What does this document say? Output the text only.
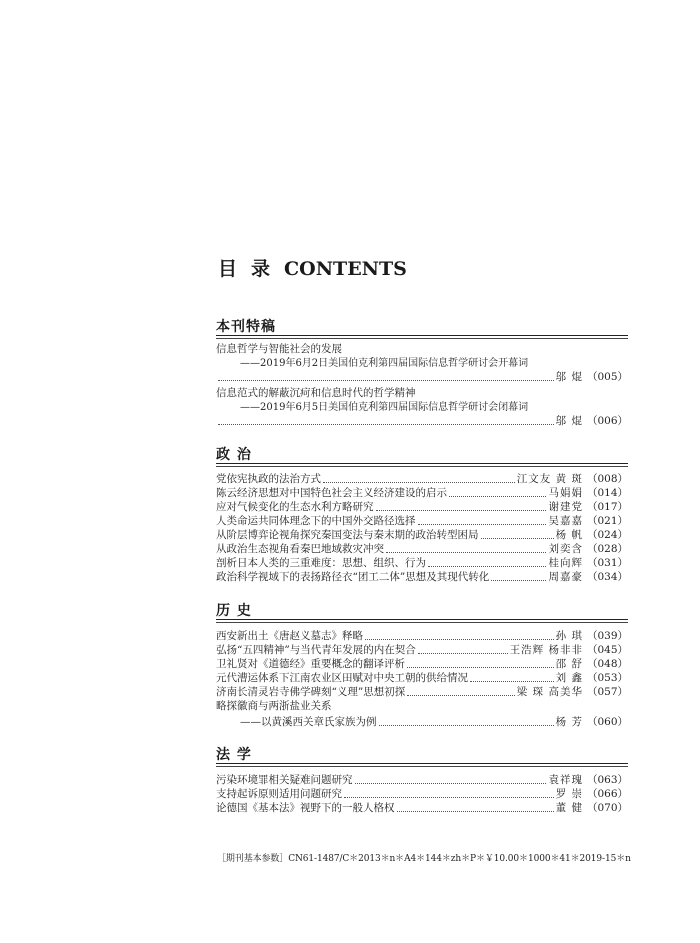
目录CONTENTS
本刊特稿
信息哲学与智能社会的发展
——2019年6月2日美国伯克利第四届国际信息哲学研讨会开幕词
邬 焜 （005）
信息范式的解蔽沉疴和信息时代的哲学精神
——2019年6月5日美国伯克利第四届国际信息哲学研讨会闭幕词
邬 焜 （006）
政 治
党依宪执政的法治方式	江文友 黄 斑 （008）
陈云经济思想对中国特色社会主义经济建设的启示	马娟娟 （014）
应对气候变化的生态水利方略研究	谢建党 （017）
人类命运共同体理念下的中国外交路径选择	吴嘉嘉 （021）
从阶层博弈论视角探究秦国变法与秦末期的政治转型困局	杨 帆 （024）
从政治生态视角看秦巴地域救灾冲突	刘奕含 （028）
剖析日本人类的三重难度：思想、组织、行为	桂向辉 （031）
政治科学视域下的表扬路径衣“团工二体”思想及其现代转化	周嘉豪 （034）
历 史
西安新出土《唐赵义墓志》释略	孙 琪 （039）
弘扬“五四精神”与当代青年发展的内在契合	王浩辉 杨非非 （045）
卫礼贤对《道德经》重要概念的翻译评析	邵 舒 （048）
元代漕运体系下江南农业区田赋对中央工朝的供给情况	刘 鑫 （053）
济南长清灵岩寺佛学碑刻“义理”思想初探	梁 琛 高美华 （057）
略探徽商与两浙盐业关系
——以黄溪西关章氏家族为例	杨 芳 （060）
法 学
污染环境罪相关疑难问题研究	袁祥瑰 （063）
支持起诉原则适用问题研究	罗 崇 （066）
论德国《基本法》视野下的一般人格权	董 健 （070）
［期刊基本参数］CN61-1487/C＊2013＊n＊A4＊144＊zh＊P＊￥10.00＊1000＊41＊2019-15＊n
